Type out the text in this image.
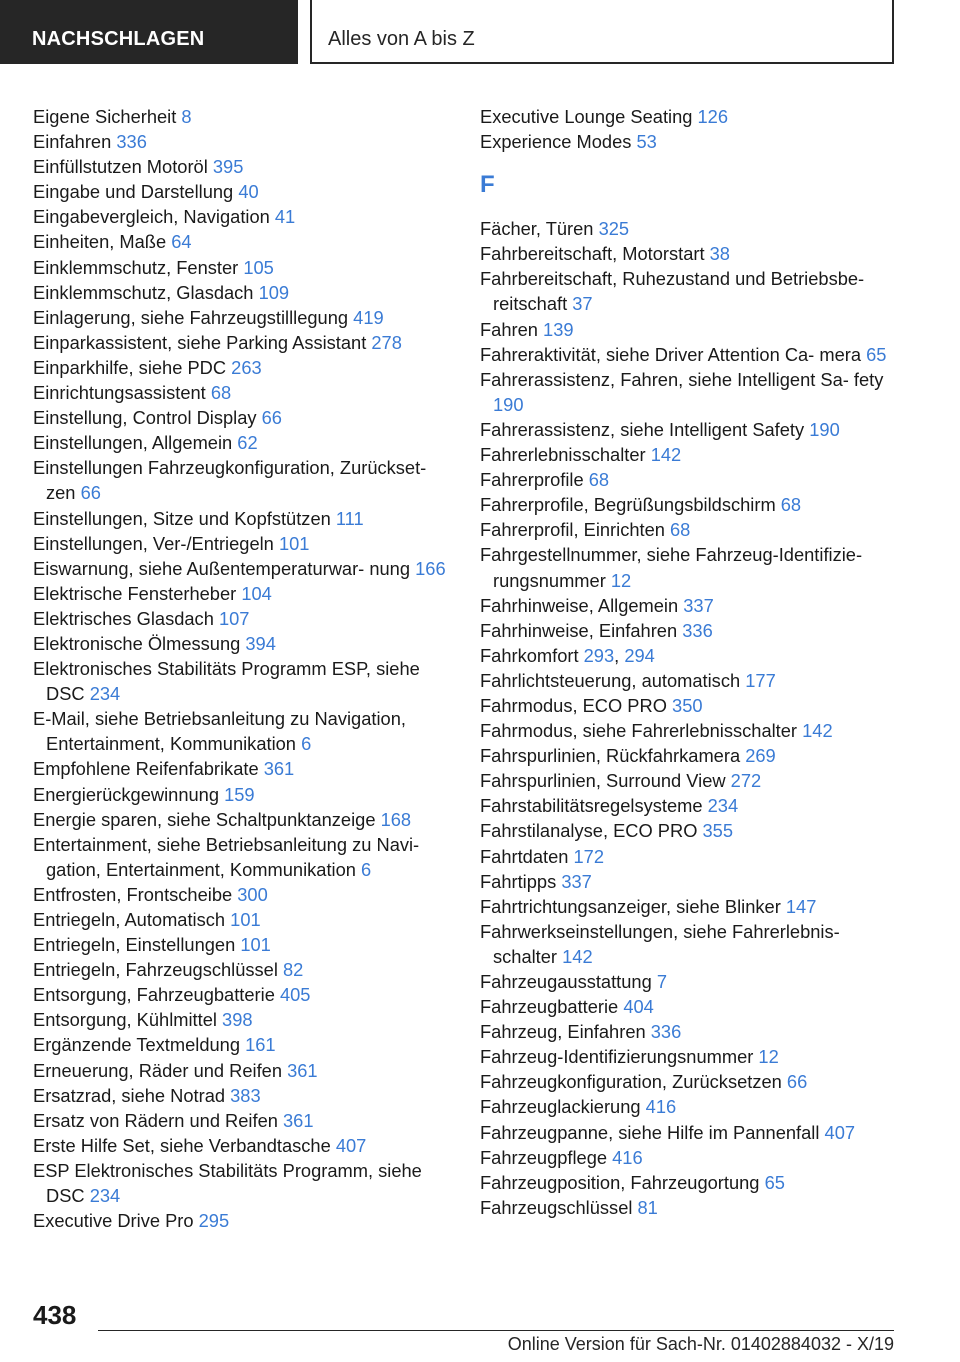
NACHSCHLAGEN	Alles von A bis Z
Eigene Sicherheit 8
Einfahren 336
Einfüllstutzen Motoröl 395
Eingabe und Darstellung 40
Eingabevergleich, Navigation 41
Einheiten, Maße 64
Einklemmschutz, Fenster 105
Einklemmschutz, Glasdach 109
Einlagerung, siehe Fahrzeugstilllegung 419
Einparkassistent, siehe Parking Assistant 278
Einparkhilfe, siehe PDC 263
Einrichtungsassistent 68
Einstellung, Control Display 66
Einstellungen, Allgemein 62
Einstellungen Fahrzeugkonfiguration, Zurückset‐ zen 66
Einstellungen, Sitze und Kopfstützen 111
Einstellungen, Ver-/Entriegeln 101
Eiswarnung, siehe Außentemperaturwar‐ nung 166
Elektrische Fensterheber 104
Elektrisches Glasdach 107
Elektronische Ölmessung 394
Elektronisches Stabilitäts Programm ESP, siehe DSC 234
E-Mail, siehe Betriebsanleitung zu Navigation, Entertainment, Kommunikation 6
Empfohlene Reifenfabrikate 361
Energierückgewinnung 159
Energie sparen, siehe Schaltpunktanzeige 168
Entertainment, siehe Betriebsanleitung zu Navi‐ gation, Entertainment, Kommunikation 6
Entfrosten, Frontscheibe 300
Entriegeln, Automatisch 101
Entriegeln, Einstellungen 101
Entriegeln, Fahrzeugschlüssel 82
Entsorgung, Fahrzeugbatterie 405
Entsorgung, Kühlmittel 398
Ergänzende Textmeldung 161
Erneuerung, Räder und Reifen 361
Ersatzrad, siehe Notrad 383
Ersatz von Rädern und Reifen 361
Erste Hilfe Set, siehe Verbandtasche 407
ESP Elektronisches Stabilitäts Programm, siehe DSC 234
Executive Drive Pro 295
Executive Lounge Seating 126
Experience Modes 53
F
Fächer, Türen 325
Fahrbereitschaft, Motorstart 38
Fahrbereitschaft, Ruhezustand und Betriebsbe‐ reitschaft 37
Fahren 139
Fahreraktivität, siehe Driver Attention Ca‐ mera 65
Fahrerassistenz, Fahren, siehe Intelligent Sa‐ fety 190
Fahrerassistenz, siehe Intelligent Safety 190
Fahrerlebnisschalter 142
Fahrerprofile 68
Fahrerprofile, Begrüßungsbildschirm 68
Fahrerprofil, Einrichten 68
Fahrgestellnummer, siehe Fahrzeug-Identifizie‐ rungsnummer 12
Fahrhinweise, Allgemein 337
Fahrhinweise, Einfahren 336
Fahrkomfort 293, 294
Fahrlichtsteuerung, automatisch 177
Fahrmodus, ECO PRO 350
Fahrmodus, siehe Fahrerlebnisschalter 142
Fahrspurlinien, Rückfahrkamera 269
Fahrspurlinien, Surround View 272
Fahrstabilitätsregelsysteme 234
Fahrstilanalyse, ECO PRO 355
Fahrtdaten 172
Fahrtipps 337
Fahrtrichtungsanzeiger, siehe Blinker 147
Fahrwerkseinstellungen, siehe Fahrerlebnis‐ schalter 142
Fahrzeugausstattung 7
Fahrzeugbatterie 404
Fahrzeug, Einfahren 336
Fahrzeug-Identifizierungsnummer 12
Fahrzeugkonfiguration, Zurücksetzen 66
Fahrzeuglackierung 416
Fahrzeugpanne, siehe Hilfe im Pannenfall 407
Fahrzeugpflege 416
Fahrzeugposition, Fahrzeugortung 65
Fahrzeugschlüssel 81
438
Online Version für Sach-Nr. 01402884032 - X/19
